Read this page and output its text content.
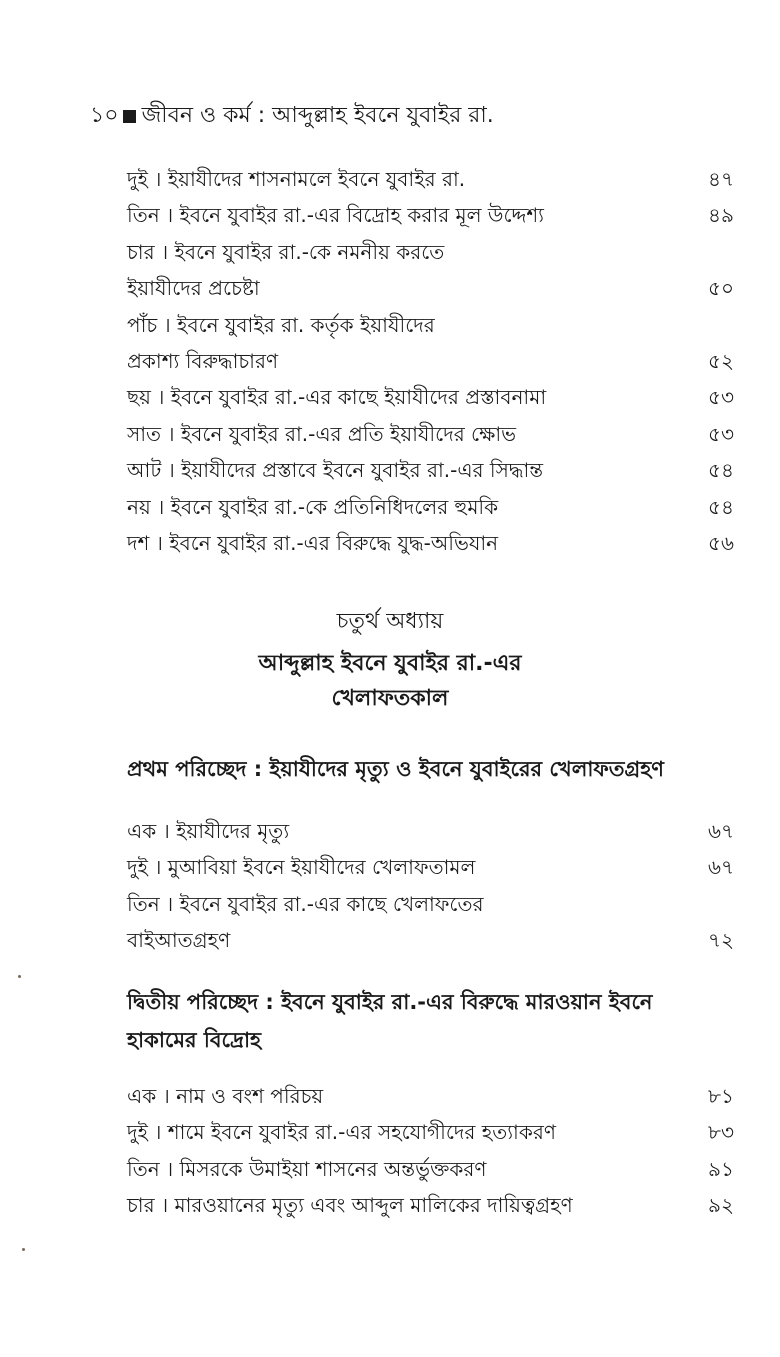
১০ জীবন ও কর্ম : আব্দুল্লাহ ইবনে যুবাইর রা.
দুই । ইয়াযীদের শাসনামলে ইবনে যুবাইর রা.	৪৭
তিন । ইবনে যুবাইর রা.-এর বিদ্রোহ করার মূল উদ্দেশ্য	৪৯
চার । ইবনে যুবাইর রা.-কে নমনীয় করতে
ইয়াযীদের প্রচেষ্টা	৫০
পাঁচ । ইবনে যুবাইর রা. কর্তৃক ইয়াযীদের
প্রকাশ্য বিরুদ্ধাচারণ	৫২
ছয় । ইবনে যুবাইর রা.-এর কাছে ইয়াযীদের প্রস্তাবনামা	৫৩
সাত । ইবনে যুবাইর রা.-এর প্রতি ইয়াযীদের ক্ষোভ	৫৩
আট । ইয়াযীদের প্রস্তাবে ইবনে যুবাইর রা.-এর সিদ্ধান্ত	৫৪
নয় । ইবনে যুবাইর রা.-কে প্রতিনিধিদলের হুমকি	৫৪
দশ । ইবনে যুবাইর রা.-এর বিরুদ্ধে যুদ্ধ-অভিযান	৫৬
চতুর্থ অধ্যায়
আব্দুল্লাহ ইবনে যুবাইর রা.-এর
খেলাফতকাল
প্রথম পরিচ্ছেদ : ইয়াযীদের মৃত্যু ও ইবনে যুবাইরের খেলাফতগ্রহণ
এক । ইয়াযীদের মৃত্যু	৬৭
দুই । মুআবিয়া ইবনে ইয়াযীদের খেলাফতামল	৬৭
তিন । ইবনে যুবাইর রা.-এর কাছে খেলাফতের
বাইআতগ্রহণ	৭২
দ্বিতীয় পরিচ্ছেদ : ইবনে যুবাইর রা.-এর বিরুদ্ধে মারওয়ান ইবনে
হাকামের বিদ্রোহ
এক । নাম ও বংশ পরিচয়	৮১
দুই । শামে ইবনে যুবাইর রা.-এর সহযোগীদের হত্যাকরণ	৮৩
তিন । মিসরকে উমাইয়া শাসনের অন্তর্ভুক্তকরণ	৯১
চার । মারওয়ানের মৃত্যু এবং আব্দুল মালিকের দায়িত্বগ্রহণ	৯২
